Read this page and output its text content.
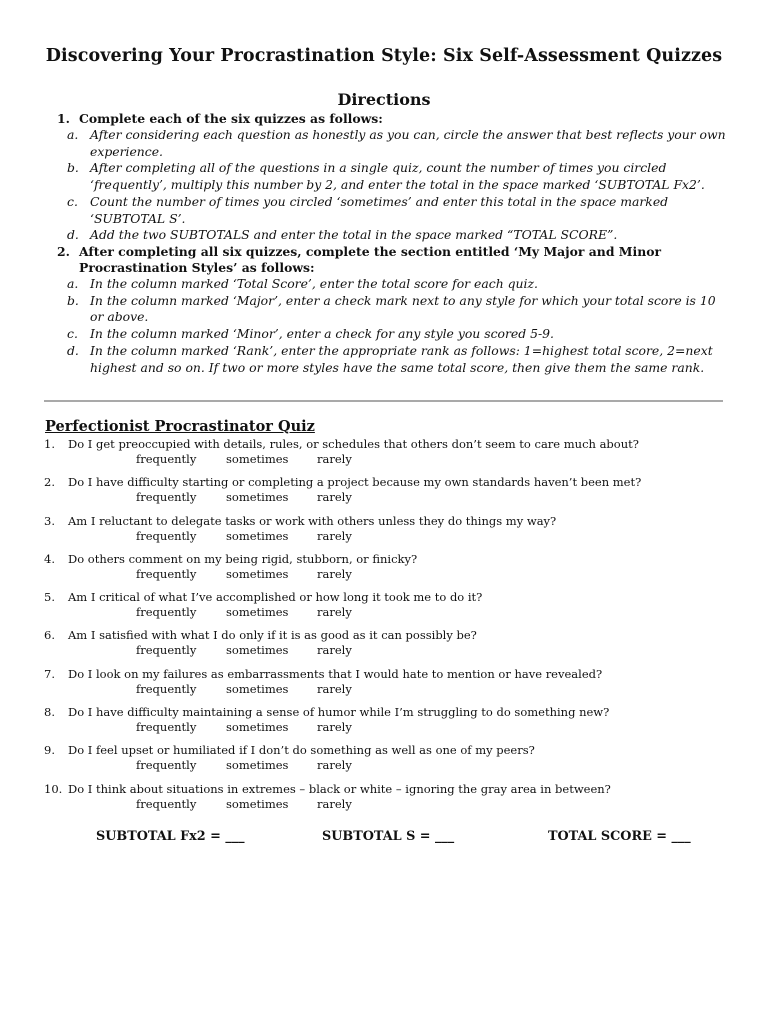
Discovering Your Procrastination Style: Six Self-Assessment Quizzes
Directions
1. Complete each of the six quizzes as follows:
a. After considering each question as honestly as you can, circle the answer that best reflects your own experience.
b. After completing all of the questions in a single quiz, count the number of times you circled ‘frequently’, multiply this number by 2, and enter the total in the space marked ‘SUBTOTAL Fx2’.
c. Count the number of times you circled ‘sometimes’ and enter this total in the space marked ‘SUBTOTAL S’.
d. Add the two SUBTOTALS and enter the total in the space marked “TOTAL SCORE”.
2. After completing all six quizzes, complete the section entitled ‘My Major and Minor Procrastination Styles’ as follows:
a. In the column marked ‘Total Score’, enter the total score for each quiz.
b. In the column marked ‘Major’, enter a check mark next to any style for which your total score is 10 or above.
c. In the column marked ‘Minor’, enter a check for any style you scored 5-9.
d. In the column marked ‘Rank’, enter the appropriate rank as follows: 1=highest total score, 2=next highest and so on. If two or more styles have the same total score, then give them the same rank.
Perfectionist Procrastinator Quiz
1.	Do I get preoccupied with details, rules, or schedules that others don’t seem to care much about?
frequently	sometimes rarely
2.	Do I have difficulty starting or completing a project because my own standards haven’t been met?
frequently	sometimes rarely
3.	Am I reluctant to delegate tasks or work with others unless they do things my way?
frequently	sometimes rarely
4.	Do others comment on my being rigid, stubborn, or finicky?
frequently	sometimes rarely
5.	Am I critical of what I’ve accomplished or how long it took me to do it?
frequently	sometimes rarely
6.	Am I satisfied with what I do only if it is as good as it can possibly be?
frequently	sometimes rarely
7.	Do I look on my failures as embarrassments that I would hate to mention or have revealed?
frequently	sometimes rarely
8.	Do I have difficulty maintaining a sense of humor while I’m struggling to do something new?
frequently	sometimes rarely
9.	Do I feel upset or humiliated if I don’t do something as well as one of my peers?
frequently	sometimes rarely
10. Do I think about situations in extremes – black or white – ignoring the gray area in between?
frequently	sometimes rarely
SUBTOTAL Fx2 = ___	SUBTOTAL S = ___	TOTAL SCORE = ___
